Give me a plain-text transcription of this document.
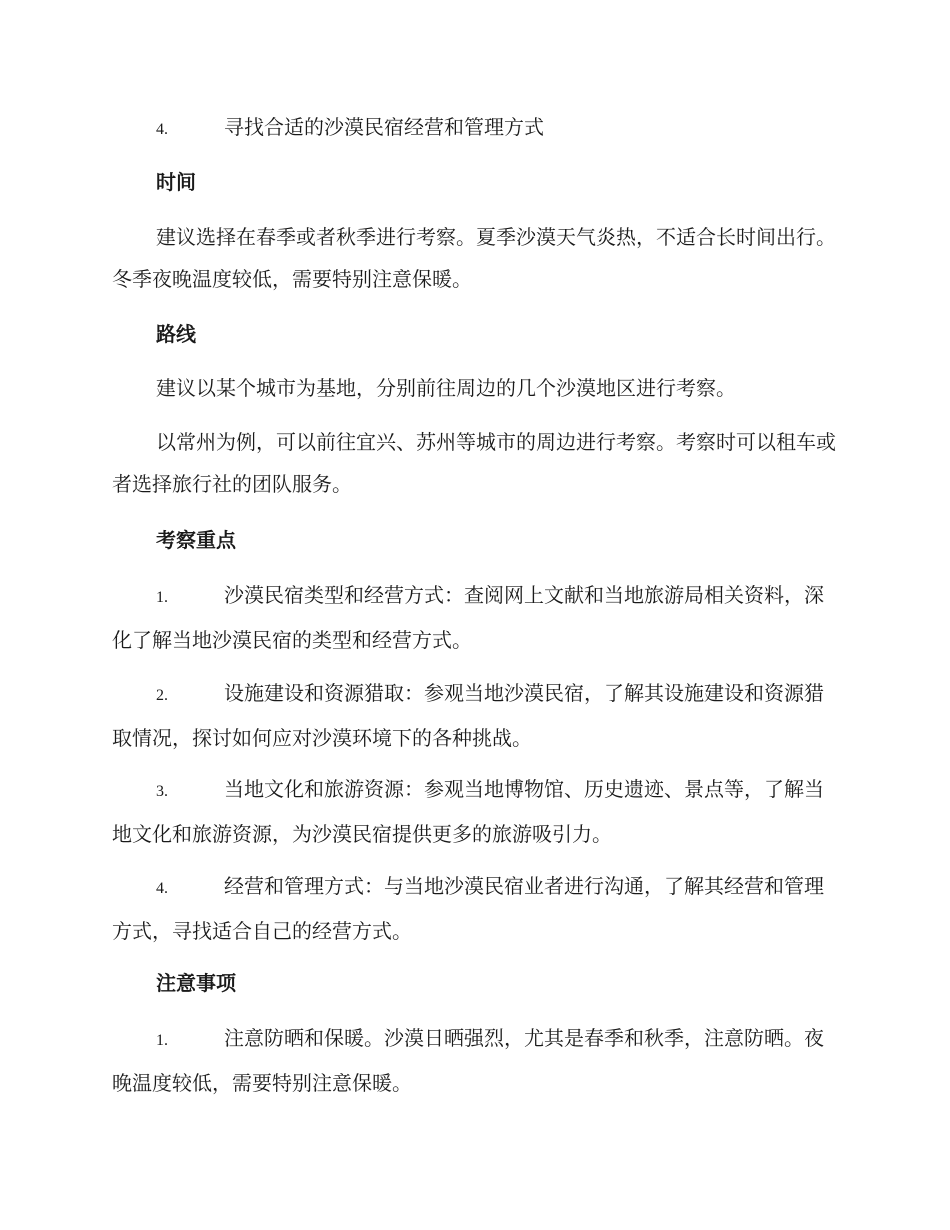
4.	寻找合适的沙漠民宿经营和管理方式

时间

建议选择在春季或者秋季进行考察。夏季沙漠天气炎热，不适合长时间出行。冬季夜晚温度较低，需要特别注意保暖。

路线

建议以某个城市为基地，分别前往周边的几个沙漠地区进行考察。

以常州为例，可以前往宜兴、苏州等城市的周边进行考察。考察时可以租车或者选择旅行社的团队服务。

考察重点

1.	沙漠民宿类型和经营方式：查阅网上文献和当地旅游局相关资料，深化了解当地沙漠民宿的类型和经营方式。

2.	设施建设和资源猎取：参观当地沙漠民宿，了解其设施建设和资源猎取情况，探讨如何应对沙漠环境下的各种挑战。

3.	当地文化和旅游资源：参观当地博物馆、历史遗迹、景点等，了解当地文化和旅游资源，为沙漠民宿提供更多的旅游吸引力。

4.	经营和管理方式：与当地沙漠民宿业者进行沟通，了解其经营和管理方式，寻找适合自己的经营方式。

注意事项

1.	注意防晒和保暖。沙漠日晒强烈，尤其是春季和秋季，注意防晒。夜晚温度较低，需要特别注意保暖。
